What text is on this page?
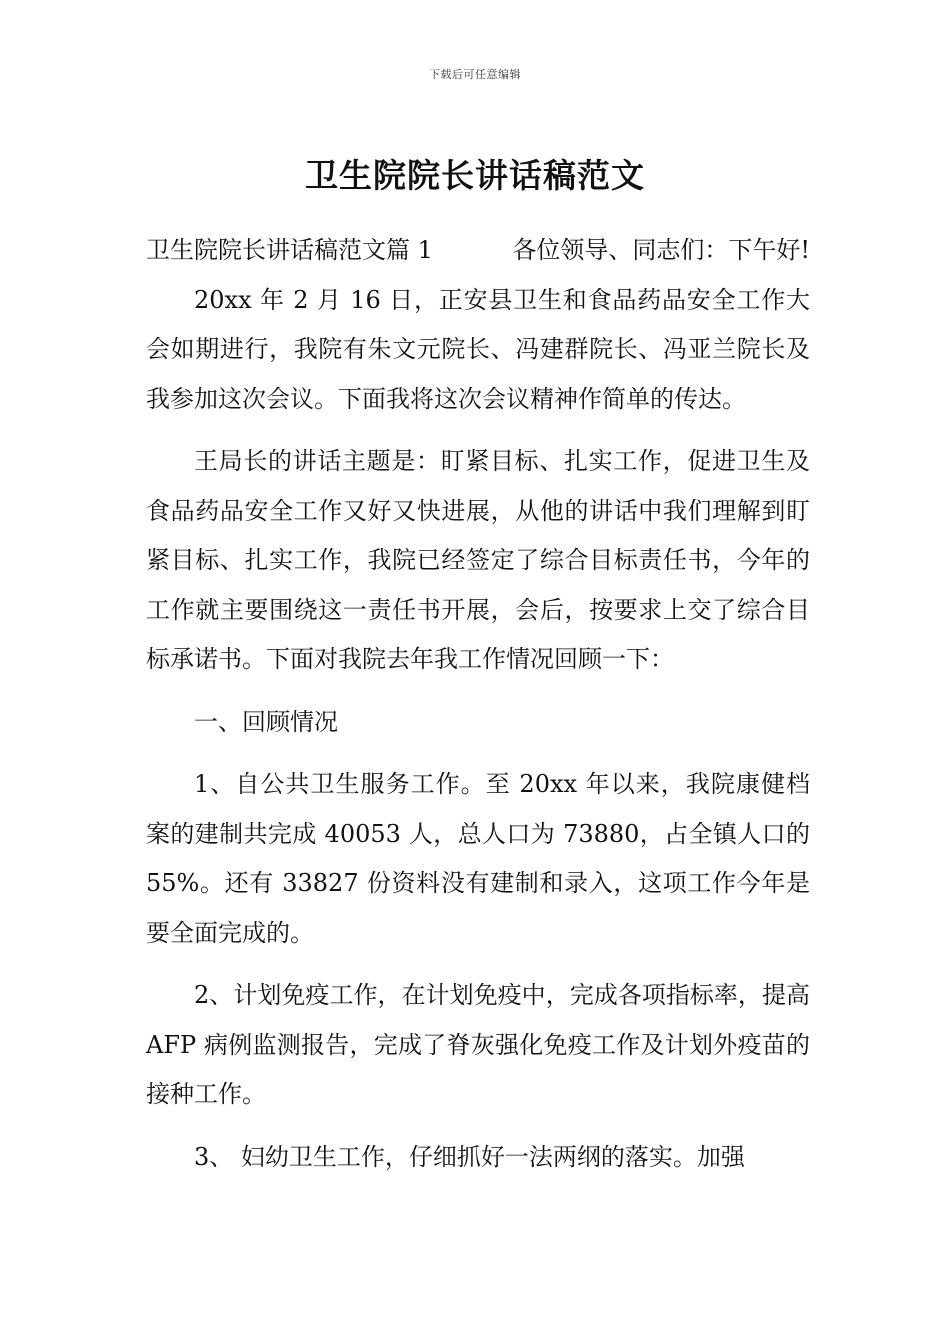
下载后可任意编辑
卫生院院长讲话稿范文

卫生院院长讲话稿范文篇 1	各位领导、同志们：下午好!

20xx 年 2 月 16 日，正安县卫生和食品药品安全工作大会如期进行，我院有朱文元院长、冯建群院长、冯亚兰院长及我参加这次会议。下面我将这次会议精神作简单的传达。

王局长的讲话主题是：盯紧目标、扎实工作，促进卫生及食品药品安全工作又好又快进展，从他的讲话中我们理解到盯紧目标、扎实工作，我院已经签定了综合目标责任书，今年的工作就主要围绕这一责任书开展，会后，按要求上交了综合目标承诺书。下面对我院去年我工作情况回顾一下：

一、回顾情况

1、自公共卫生服务工作。至 20xx 年以来，我院康健档案的建制共完成 40053 人，总人口为 73880，占全镇人口的 55%。还有 33827 份资料没有建制和录入，这项工作今年是要全面完成的。

2、计划免疫工作，在计划免疫中，完成各项指标率，提高 AFP 病例监测报告，完成了脊灰强化免疫工作及计划外疫苗的接种工作。

3、 妇幼卫生工作，仔细抓好一法两纲的落实。加强
